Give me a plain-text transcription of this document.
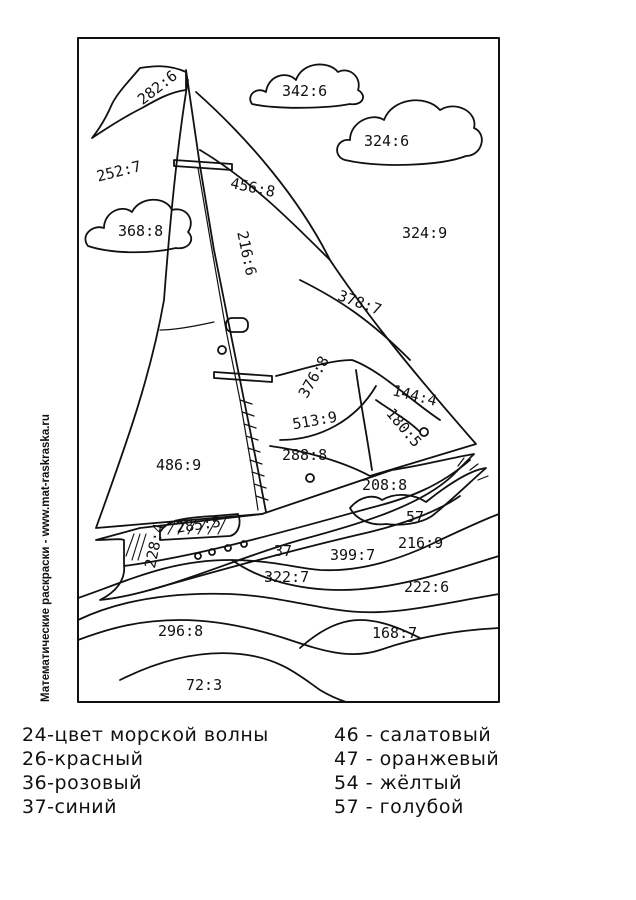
282:6
252:7
342:6
324:6
368:8	324:9
456:8
216:6
378:7
376:8
513:9
144:4
180:5
486:9
288:8
208:8
57
216:9
228:4 285:5
37	399:7
322:7
222:6
296:8	168:7
72:3
Математические раскраски - www.mat-raskraska.ru
24-цвет морской волны
26-красный
36-розовый
37-синий
46 - салатовый
47 - оранжевый
54 - жёлтый
57 - голубой
